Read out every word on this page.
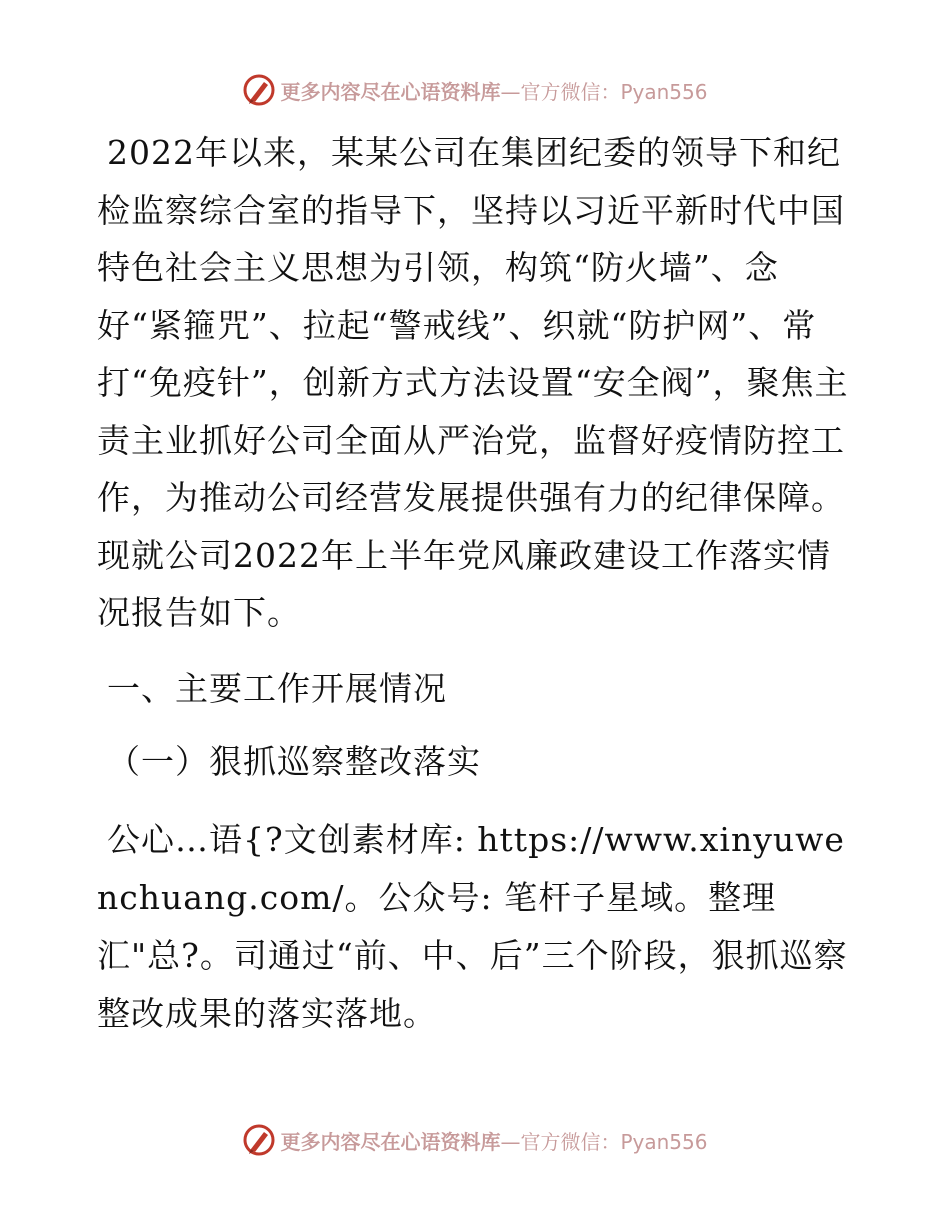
更多内容尽在心语资料库 —官方微信：Pyan556

2022年以来，某某公司在集团纪委的领导下和纪检监察综合室的指导下，坚持以习近平新时代中国特色社会主义思想为引领，构筑“防火墙”、念好“紧箍咒”、拉起“警戒线”、织就“防护网”、常打“免疫针”，创新方式方法设置“安全阀”，聚焦主责主业抓好公司全面从严治党，监督好疫情防控工作，为推动公司经营发展提供强有力的纪律保障。现就公司2022年上半年党风廉政建设工作落实情况报告如下。

一、主要工作开展情况

（一）狠抓巡察整改落实

公心…语{?文创素材库: https://www.xinyuwenchuang.com/。公众号: 笔杆子星域。整理汇"总?。司通过“前、中、后”三个阶段，狠抓巡察整改成果的落实落地。

更多内容尽在心语资料库 —官方微信：Pyan556
